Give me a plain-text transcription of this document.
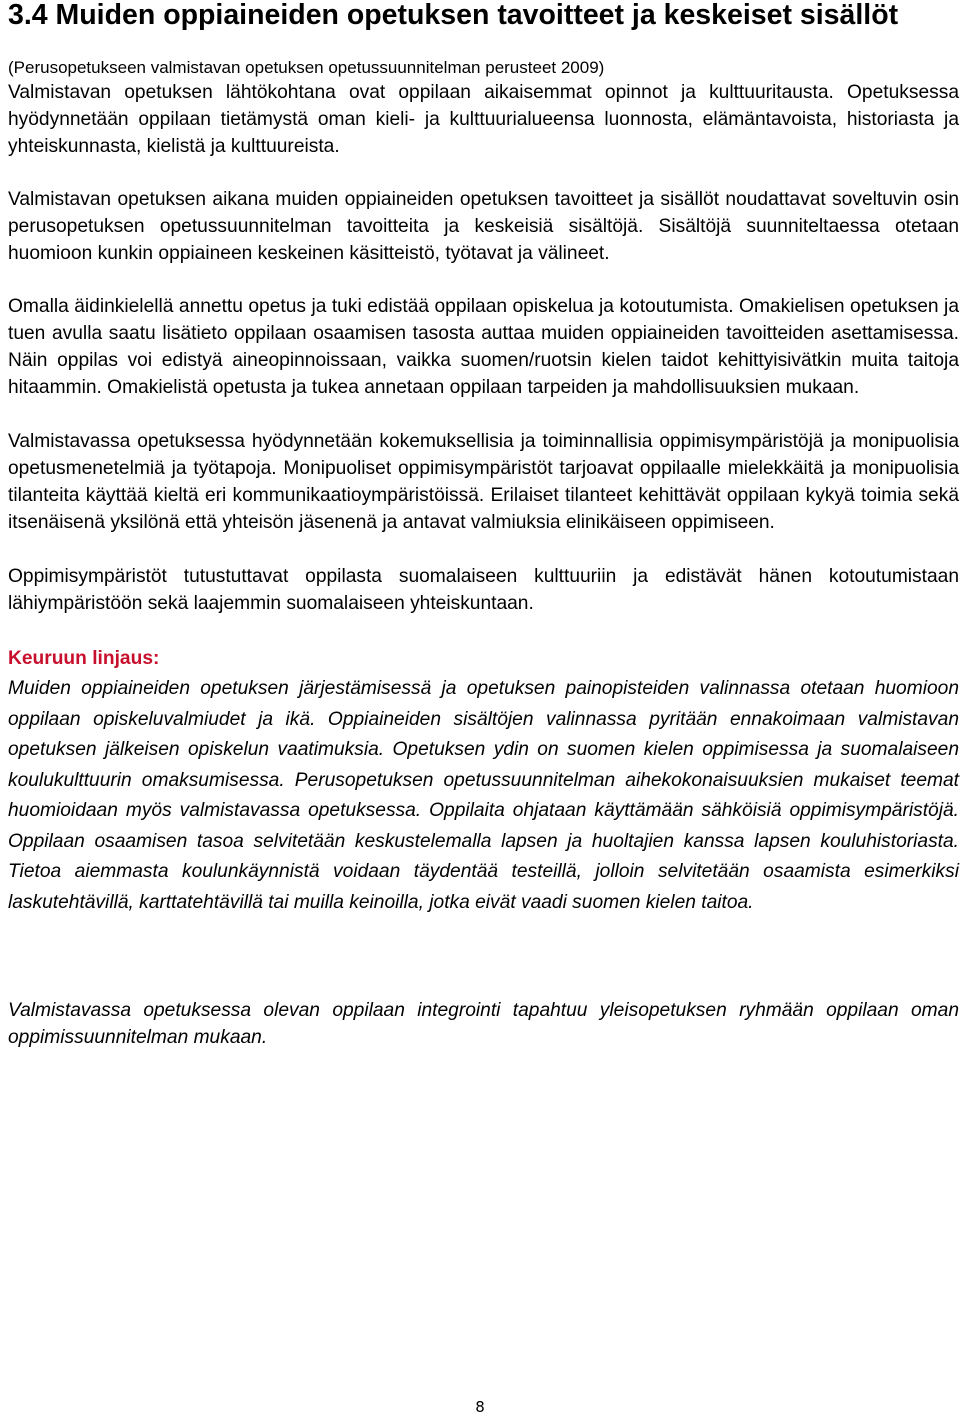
3.4 Muiden oppiaineiden opetuksen tavoitteet ja keskeiset sisällöt
(Perusopetukseen valmistavan opetuksen opetussuunnitelman perusteet 2009)

Valmistavan opetuksen lähtökohtana ovat oppilaan aikaisemmat opinnot ja kulttuuritausta. Opetuksessa hyödynnetään oppilaan tietämystä oman kieli- ja kulttuurialueensa luonnosta, elämäntavoista, historiasta ja yhteiskunnasta, kielistä ja kulttuureista.

Valmistavan opetuksen aikana muiden oppiaineiden opetuksen tavoitteet ja sisällöt noudattavat soveltuvin osin perusopetuksen opetussuunnitelman tavoitteita ja keskeisiä sisältöjä. Sisältöjä suunniteltaessa otetaan huomioon kunkin oppiaineen keskeinen käsitteistö, työtavat ja välineet.

Omalla äidinkielellä annettu opetus ja tuki edistää oppilaan opiskelua ja kotoutumista. Omakielisen opetuksen ja tuen avulla saatu lisätieto oppilaan osaamisen tasosta auttaa muiden oppiaineiden tavoitteiden asettamisessa. Näin oppilas voi edistyä aineopinnoissaan, vaikka suomen/ruotsin kielen taidot kehittyisivätkin muita taitoja hitaammin. Omakielistä opetusta ja tukea annetaan oppilaan tarpeiden ja mahdollisuuksien mukaan.

Valmistavassa opetuksessa hyödynnetään kokemuksellisia ja toiminnallisia oppimisympäristöjä ja monipuolisia opetusmenetelmiä ja työtapoja. Monipuoliset oppimisympäristöt tarjoavat oppilaalle mielekkäitä ja monipuolisia tilanteita käyttää kieltä eri kommunikaatioympäristöissä. Erilaiset tilanteet kehittävät oppilaan kykyä toimia sekä itsenäisenä yksilönä että yhteisön jäsenenä ja antavat valmiuksia elinikäiseen oppimiseen.

Oppimisympäristöt tutustuttavat oppilasta suomalaiseen kulttuuriin ja edistävät hänen kotoutumistaan lähiympäristöön sekä laajemmin suomalaiseen yhteiskuntaan.

Keuruun linjaus:

Muiden oppiaineiden opetuksen järjestämisessä ja opetuksen painopisteiden valinnassa otetaan huomioon oppilaan opiskeluvalmiudet ja ikä. Oppiaineiden sisältöjen valinnassa pyritään ennakoimaan valmistavan opetuksen jälkeisen opiskelun vaatimuksia. Opetuksen ydin on suomen kielen oppimisessa ja suomalaiseen koulukulttuurin omaksumisessa. Perusopetuksen opetussuunnitelman aihekokonaisuuksien mukaiset teemat huomioidaan myös valmistavassa opetuksessa. Oppilaita ohjataan käyttämään sähköisiä oppimisympäristöjä. Oppilaan osaamisen tasoa selvitetään keskustelemalla lapsen ja huoltajien kanssa lapsen kouluhistoriasta. Tietoa aiemmasta koulunkäynnistä voidaan täydentää testeillä, jolloin selvitetään osaamista esimerkiksi laskutehtävillä, karttatehtävillä tai muilla keinoilla, jotka eivät vaadi suomen kielen taitoa.

Valmistavassa opetuksessa olevan oppilaan integrointi tapahtuu yleisopetuksen ryhmään oppilaan oman oppimissuunnitelman mukaan.

8
